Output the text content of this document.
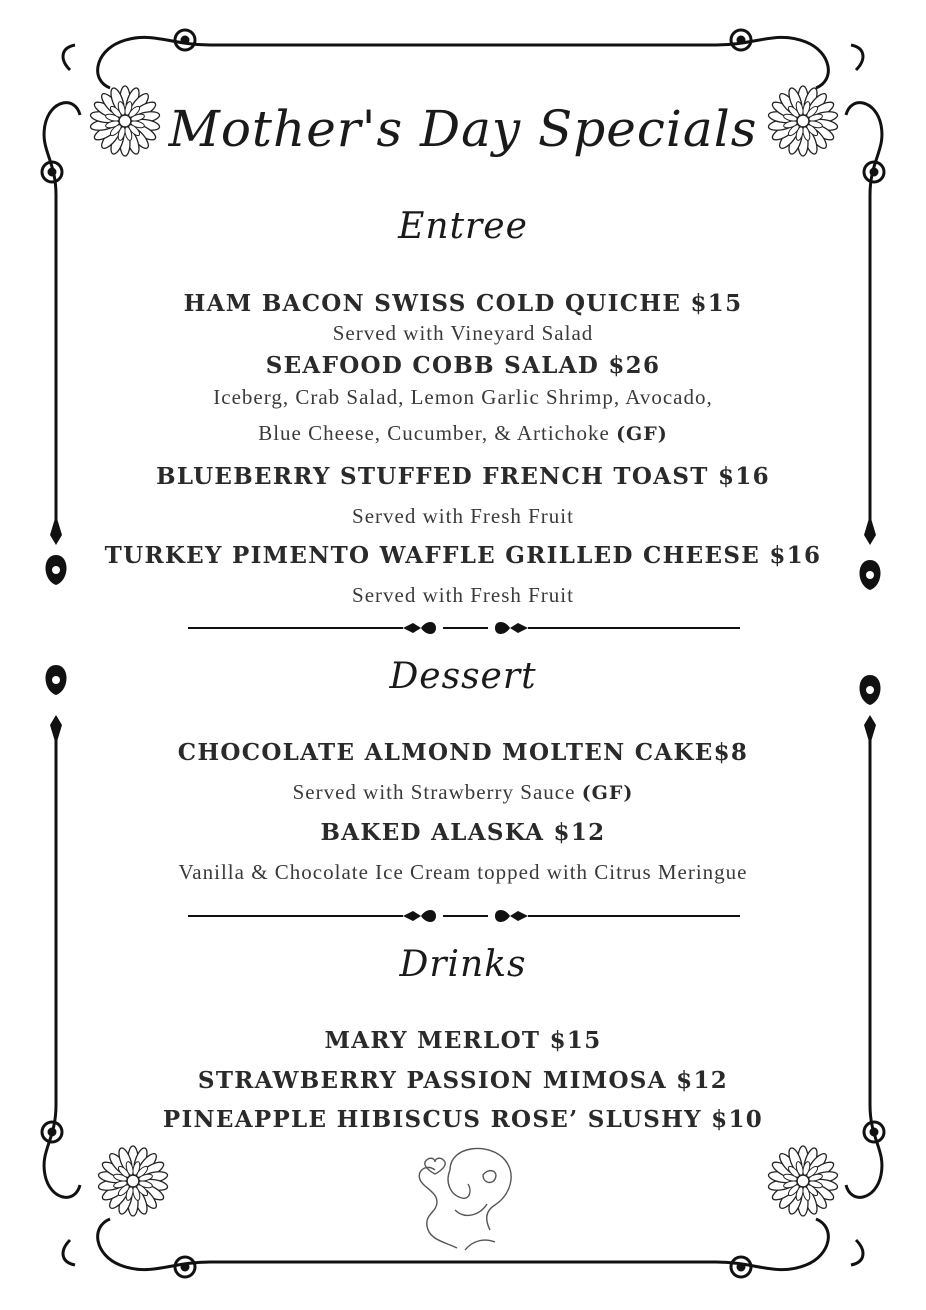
Mother's Day Specials
Entree
HAM BACON SWISS COLD QUICHE $15
Served with Vineyard Salad
SEAFOOD COBB SALAD $26
Iceberg, Crab Salad, Lemon Garlic Shrimp, Avocado,
Blue Cheese, Cucumber, & Artichoke (GF)
BLUEBERRY STUFFED FRENCH TOAST $16
Served with Fresh Fruit
TURKEY PIMENTO WAFFLE GRILLED CHEESE $16
Served with Fresh Fruit
Dessert
CHOCOLATE ALMOND MOLTEN CAKE$8
Served with Strawberry Sauce (GF)
BAKED ALASKA $12
Vanilla & Chocolate Ice Cream topped with Citrus Meringue
Drinks
MARY MERLOT $15
STRAWBERRY PASSION MIMOSA $12
PINEAPPLE HIBISCUS ROSE’ SLUSHY $10
